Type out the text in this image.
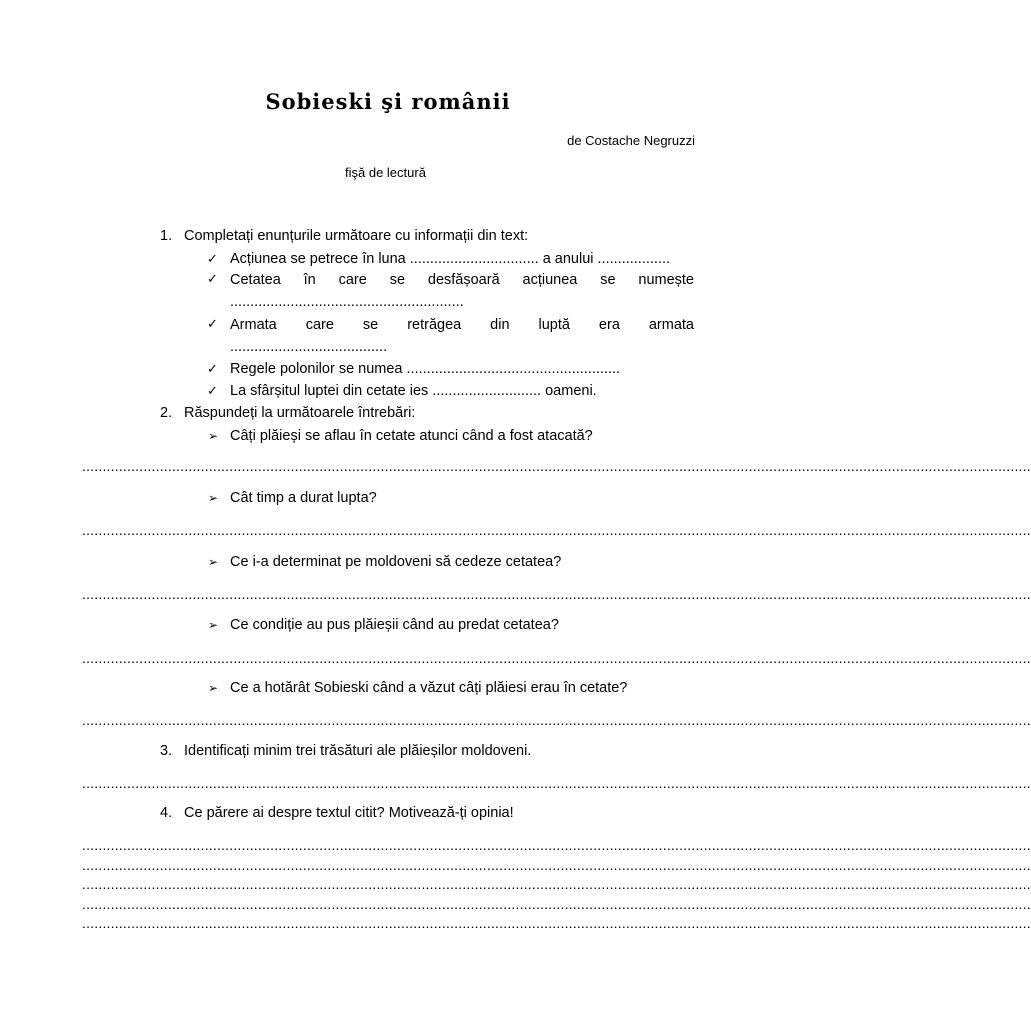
Sobieski şi românii
de Costache Negruzzi
fişă de lectură
1. Completați enunțurile următoare cu informații din text:
✓ Acțiunea se petrece în luna ................................ a anului ..................
✓ Cetatea în care se desfășoară acțiunea se numește
..........................................................
✓ Armata care se retrăgea din luptă era armata
.......................................
✓ Regele polonilor se numea .....................................................
✓ La sfârșitul luptei din cetate ies ........................... oameni.
2. Răspundeți la următoarele întrebări:
➢ Câți plăieși se aflau în cetate atunci când a fost atacată?
........................................................................................................................................................................................................................................
➢ Cât timp a durat lupta?
........................................................................................................................................................................................................................................
➢ Ce i-a determinat pe moldoveni să cedeze cetatea?
........................................................................................................................................................................................................................................
➢ Ce condiție au pus plăieșii când au predat cetatea?
........................................................................................................................................................................................................................................
➢ Ce a hotărât Sobieski când a văzut câți plăiesi erau în cetate?
........................................................................................................................................................................................................................................
3. Identificați minim trei trăsături ale plăieșilor moldoveni.
........................................................................................................................................................................................................................................
4. Ce părere ai despre textul citit? Motivează-ți opinia!
........................................................................................................................................................................................................................................
........................................................................................................................................................................................................................................
........................................................................................................................................................................................................................................
........................................................................................................................................................................................................................................
........................................................................................................................................................................................................................................
